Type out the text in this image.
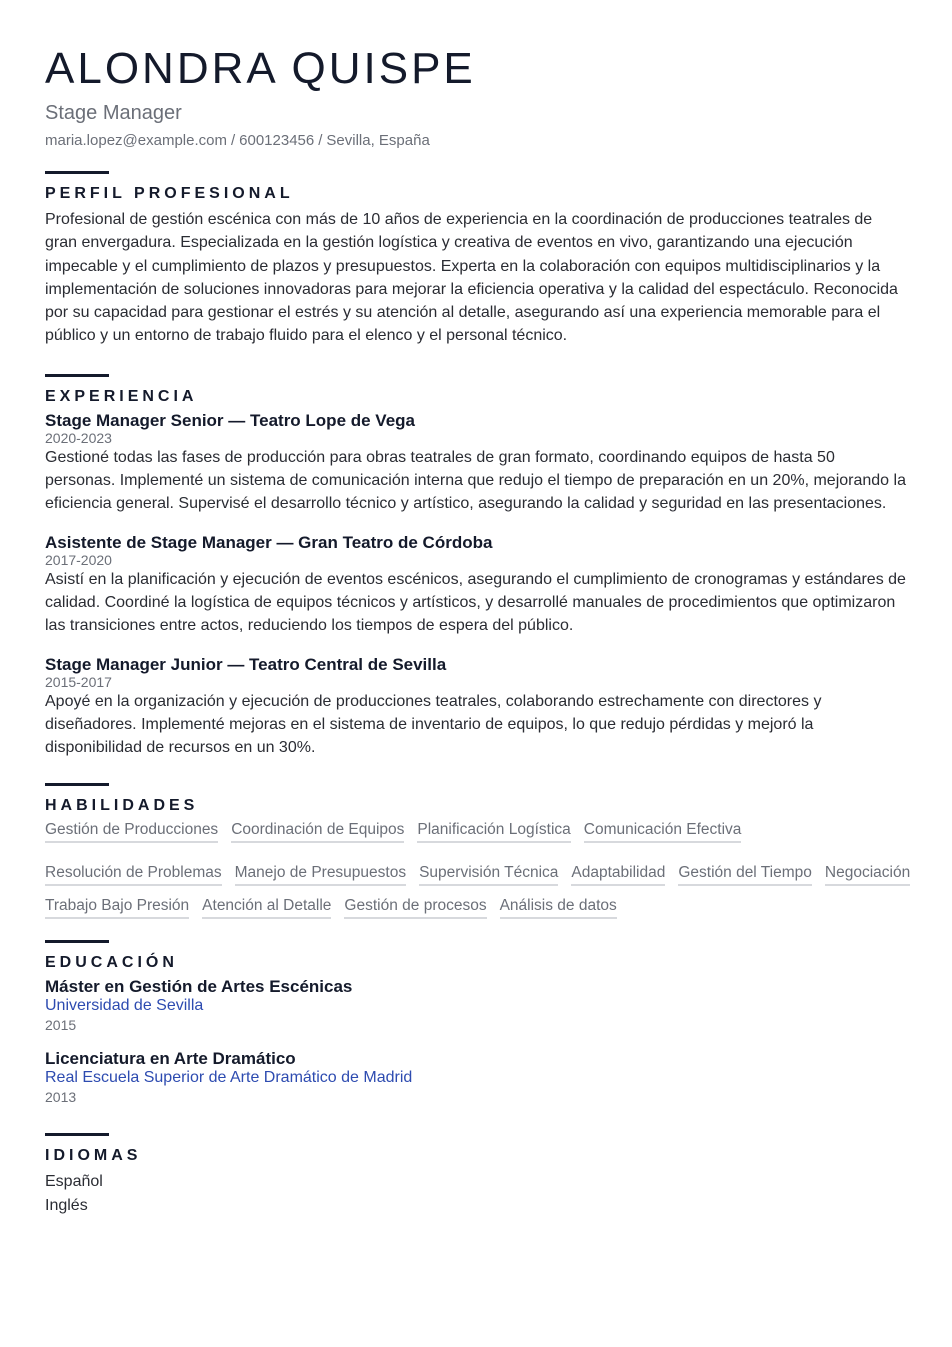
ALONDRA QUISPE
Stage Manager
maria.lopez@example.com / 600123456 / Sevilla, España
PERFIL PROFESIONAL

Profesional de gestión escénica con más de 10 años de experiencia en la coordinación de producciones teatrales de gran envergadura. Especializada en la gestión logística y creativa de eventos en vivo, garantizando una ejecución impecable y el cumplimiento de plazos y presupuestos. Experta en la colaboración con equipos multidisciplinarios y la implementación de soluciones innovadoras para mejorar la eficiencia operativa y la calidad del espectáculo. Reconocida por su capacidad para gestionar el estrés y su atención al detalle, asegurando así una experiencia memorable para el público y un entorno de trabajo fluido para el elenco y el personal técnico.

EXPERIENCIA
Stage Manager Senior — Teatro Lope de Vega
2020-2023

Gestioné todas las fases de producción para obras teatrales de gran formato, coordinando equipos de hasta 50 personas. Implementé un sistema de comunicación interna que redujo el tiempo de preparación en un 20%, mejorando la eficiencia general. Supervisé el desarrollo técnico y artístico, asegurando la calidad y seguridad en las presentaciones.

Asistente de Stage Manager — Gran Teatro de Córdoba
2017-2020

Asistí en la planificación y ejecución de eventos escénicos, asegurando el cumplimiento de cronogramas y estándares de calidad. Coordiné la logística de equipos técnicos y artísticos, y desarrollé manuales de procedimientos que optimizaron las transiciones entre actos, reduciendo los tiempos de espera del público.

Stage Manager Junior — Teatro Central de Sevilla
2015-2017

Apoyé en la organización y ejecución de producciones teatrales, colaborando estrechamente con directores y diseñadores. Implementé mejoras en el sistema de inventario de equipos, lo que redujo pérdidas y mejoró la disponibilidad de recursos en un 30%.

HABILIDADES
Gestión de Producciones Coordinación de Equipos Planificación Logística Comunicación Efectiva
Resolución de Problemas Manejo de Presupuestos Supervisión Técnica Adaptabilidad Gestión del Tiempo Negociación
Trabajo Bajo Presión Atención al Detalle Gestión de procesos Análisis de datos
EDUCACIÓN
Máster en Gestión de Artes Escénicas
Universidad de Sevilla
2015
Licenciatura en Arte Dramático
Real Escuela Superior de Arte Dramático de Madrid
2013
IDIOMAS
Español
Inglés
